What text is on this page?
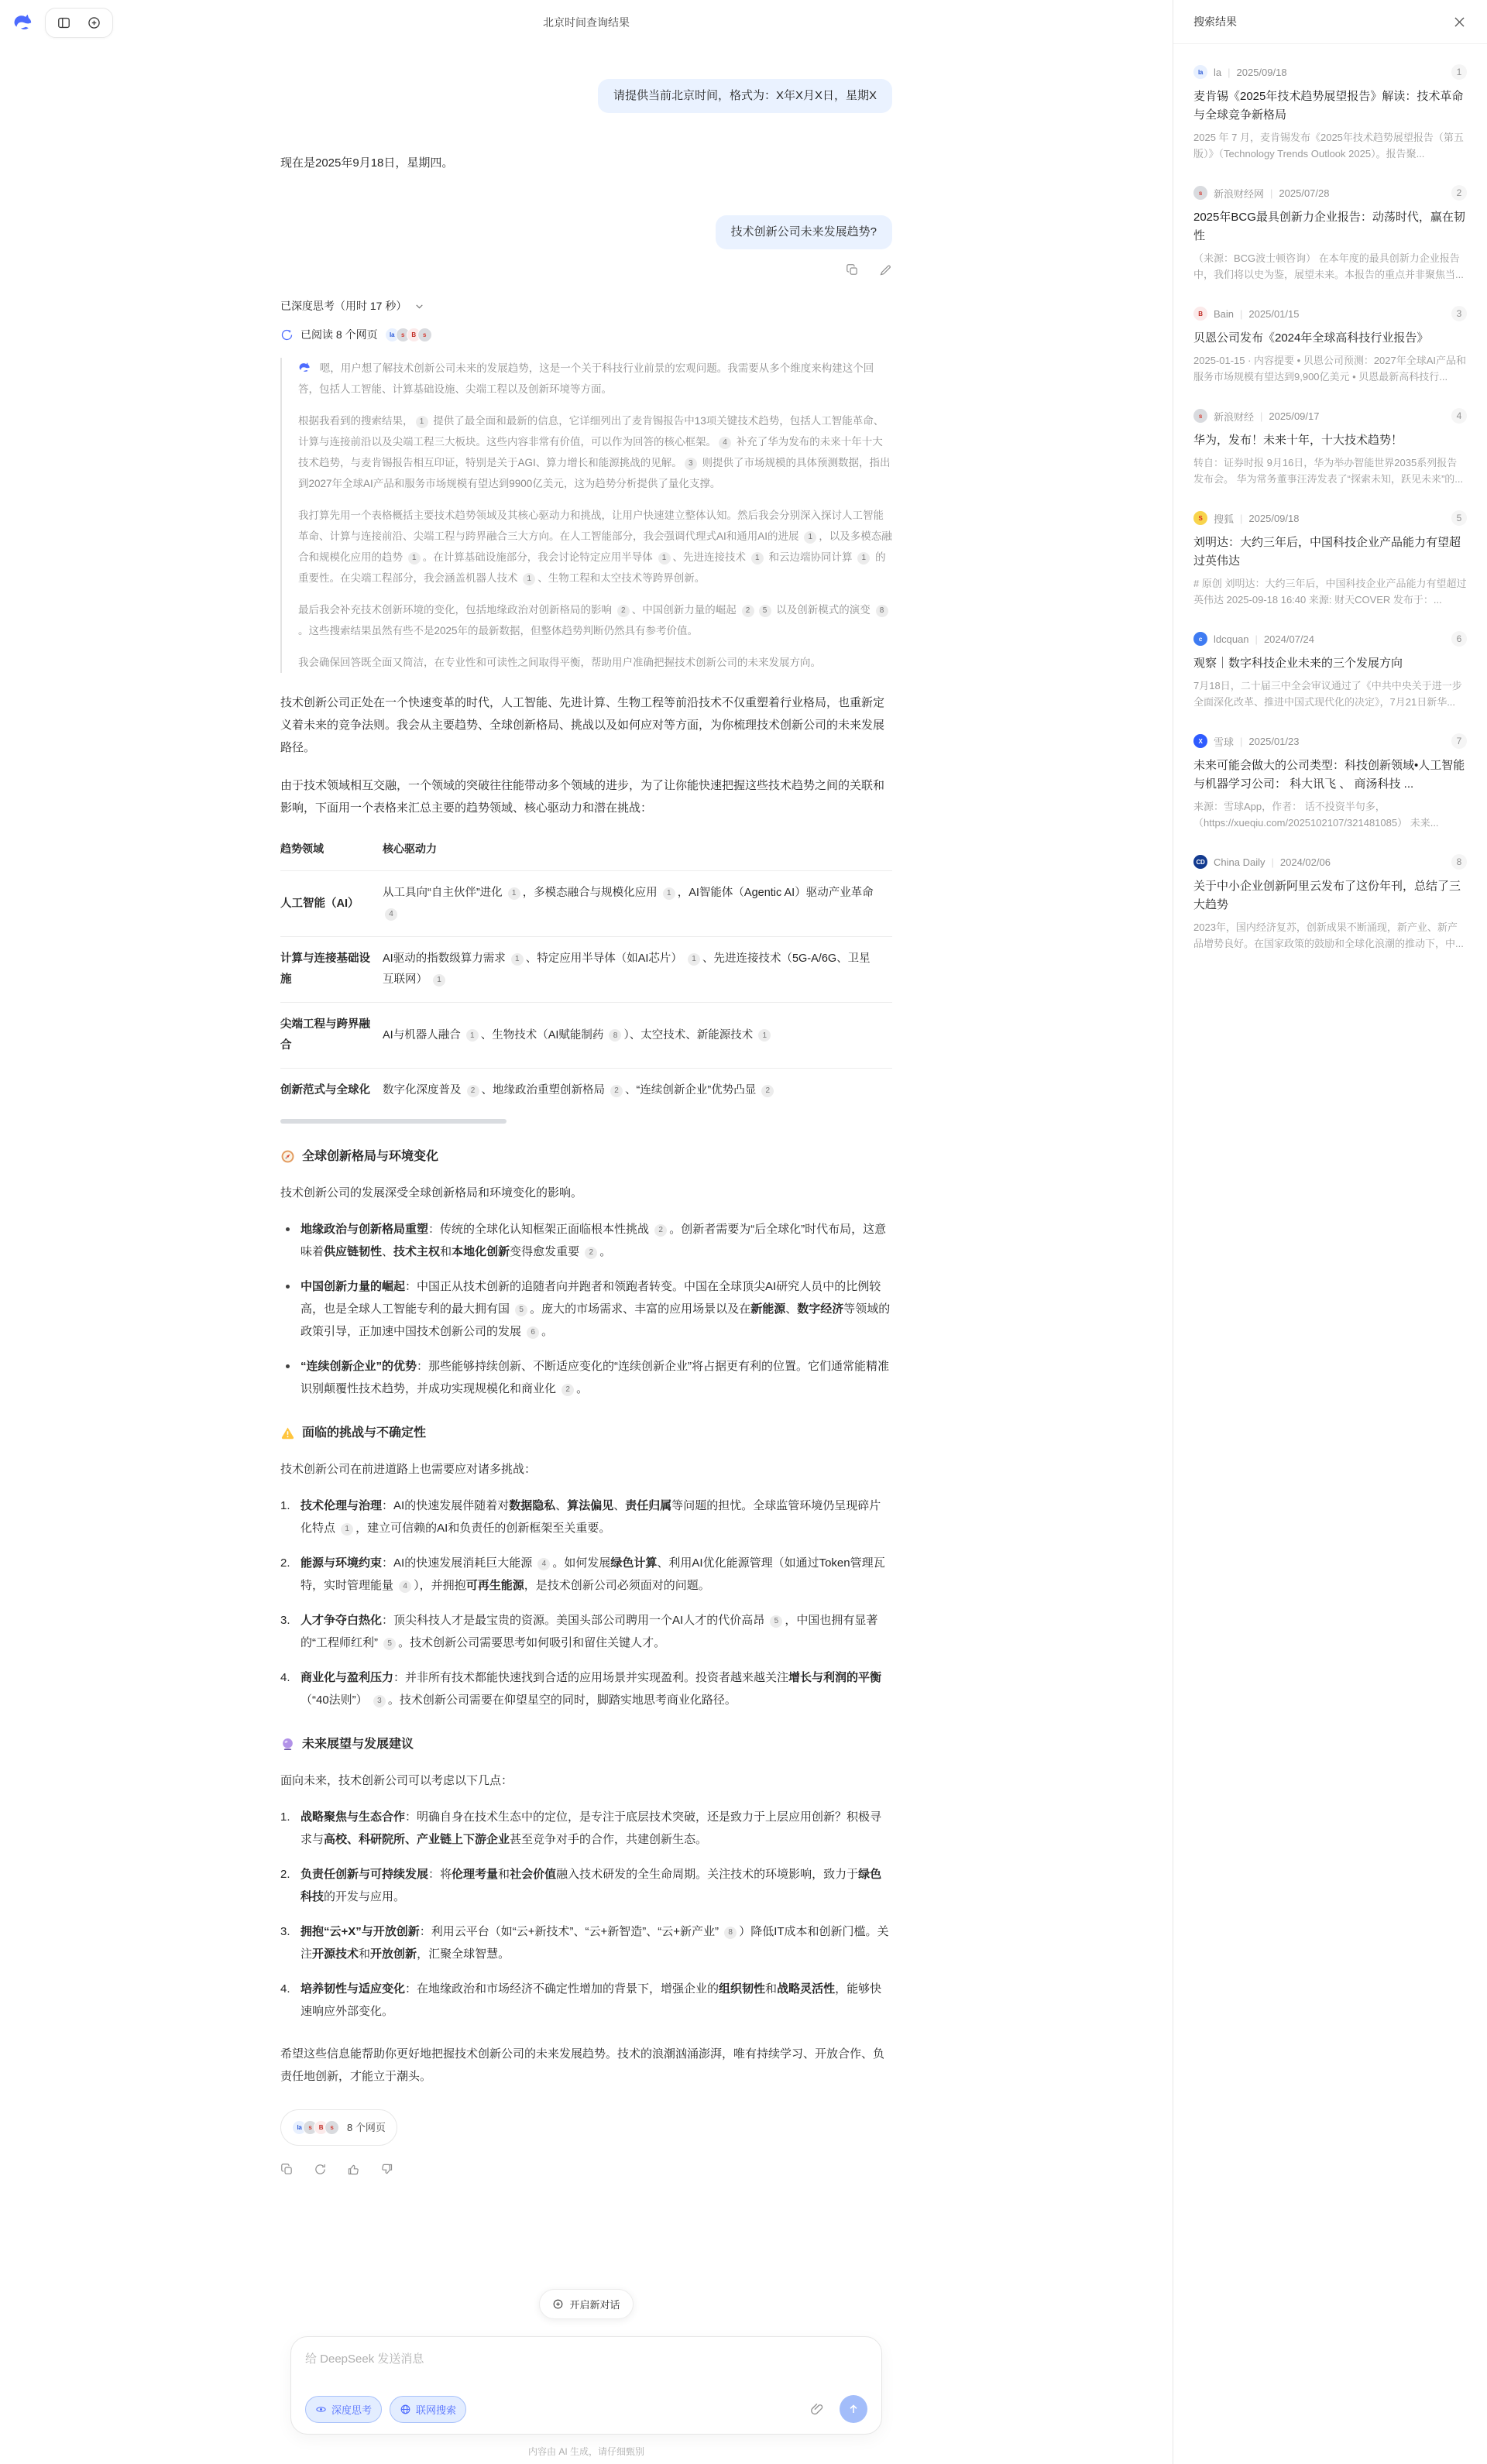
北京时间查询结果
请提供当前北京时间，格式为：X年X月X日，星期X
现在是2025年9月18日，星期四。
技术创新公司未来发展趋势?
已深度思考（用时 17 秒）
已阅读 8 个网页	la	s	B	s
嗯，用户想了解技术创新公司未来的发展趋势，这是一个关于科技行业前景的宏观问题。我需要从多个维度来构建这个回答，包括人工智能、计算基础设施、尖端工程以及创新环境等方面。
根据我看到的搜索结果， 1 提供了最全面和最新的信息，它详细列出了麦肯锡报告中13项关键技术趋势，包括人工智能革命、计算与连接前沿以及尖端工程三大板块。这些内容非常有价值，可以作为回答的核心框架。 4 补充了华为发布的未来十年十大技术趋势，与麦肯锡报告相互印证，特别是关于AGI、算力增长和能源挑战的见解。 3 则提供了市场规模的具体预测数据，指出到2027年全球AI产品和服务市场规模有望达到9900亿美元，这为趋势分析提供了量化支撑。
我打算先用一个表格概括主要技术趋势领域及其核心驱动力和挑战，让用户快速建立整体认知。然后我会分别深入探讨人工智能革命、计算与连接前沿、尖端工程与跨界融合三大方向。在人工智能部分，我会强调代理式AI和通用AI的进展 1 ，以及多模态融合和规模化应用的趋势 1 。在计算基础设施部分，我会讨论特定应用半导体 1 、先进连接技术 1 和云边端协同计算 1 的重要性。在尖端工程部分，我会涵盖机器人技术 1 、生物工程和太空技术等跨界创新。
最后我会补充技术创新环境的变化，包括地缘政治对创新格局的影响 2 、中国创新力量的崛起 2 5 以及创新模式的演变 8。这些搜索结果虽然有些不是2025年的最新数据，但整体趋势判断仍然具有参考价值。
我会确保回答既全面又简洁，在专业性和可读性之间取得平衡，帮助用户准确把握技术创新公司的未来发展方向。

技术创新公司正处在一个快速变革的时代，人工智能、先进计算、生物工程等前沿技术不仅重塑着行业格局，也重新定义着未来的竞争法则。我会从主要趋势、全球创新格局、挑战以及如何应对等方面，为你梳理技术创新公司的未来发展路径。

由于技术领域相互交融，一个领域的突破往往能带动多个领域的进步，为了让你能快速把握这些技术趋势之间的关联和影响，下面用一个表格来汇总主要的趋势领域、核心驱动力和潜在挑战：

趋势领域	核心驱动力
人工智能（AI）	从工具向“自主伙伴”进化 1 ，多模态融合与规模化应用 1 ，AI智能体（Agentic AI）驱动产业革命 4
计算与连接基础设施	AI驱动的指数级算力需求 1 、特定应用半导体（如AI芯片） 1 、先进连接技术（5G-A/6G、卫星互联网） 1
尖端工程与跨界融合	AI与机器人融合 1 、生物技术（AI赋能制药 8 ）、太空技术、新能源技术 1
创新范式与全球化	数字化深度普及 2 、地缘政治重塑创新格局 2 、“连续创新企业”优势凸显 2
全球创新格局与环境变化

技术创新公司的发展深受全球创新格局和环境变化的影响。

地缘政治与创新格局重塑：传统的全球化认知框架正面临根本性挑战 2 。创新者需要为“后全球化”时代布局，这意味着供应链韧性、技术主权和本地化创新变得愈发重要 2 。
中国创新力量的崛起：中国正从技术创新的追随者向并跑者和领跑者转变。中国在全球顶尖AI研究人员中的比例较高，也是全球人工智能专利的最大拥有国 5 。庞大的市场需求、丰富的应用场景以及在新能源、数字经济等领域的政策引导，正加速中国技术创新公司的发展 6 。
“连续创新企业”的优势：那些能够持续创新、不断适应变化的“连续创新企业”将占据更有利的位置。它们通常能精准识别颠覆性技术趋势，并成功实现规模化和商业化 2 。
面临的挑战与不确定性

技术创新公司在前进道路上也需要应对诸多挑战：

1. 技术伦理与治理：AI的快速发展伴随着对数据隐私、算法偏见、责任归属等问题的担忧。全球监管环境仍呈现碎片化特点 1 ，建立可信赖的AI和负责任的创新框架至关重要。
2. 能源与环境约束：AI的快速发展消耗巨大能源 4 。如何发展绿色计算、利用AI优化能源管理（如通过Token管理瓦特，实时管理能量 4 ），并拥抱可再生能源，是技术创新公司必须面对的问题。
3. 人才争夺白热化：顶尖科技人才是最宝贵的资源。美国头部公司聘用一个AI人才的代价高昂 5 ，中国也拥有显著的“工程师红利” 5 。技术创新公司需要思考如何吸引和留住关键人才。
4. 商业化与盈利压力：并非所有技术都能快速找到合适的应用场景并实现盈利。投资者越来越关注增长与利润的平衡（“40法则”） 3 。技术创新公司需要在仰望星空的同时，脚踏实地思考商业化路径。
未来展望与发展建议

面向未来，技术创新公司可以考虑以下几点：

1. 战略聚焦与生态合作：明确自身在技术生态中的定位，是专注于底层技术突破，还是致力于上层应用创新？积极寻求与高校、科研院所、产业链上下游企业甚至竞争对手的合作，共建创新生态。
2. 负责任创新与可持续发展：将伦理考量和社会价值融入技术研发的全生命周期。关注技术的环境影响，致力于绿色科技的开发与应用。
3. 拥抱“云+X”与开放创新：利用云平台（如“云+新技术”、“云+新智造”、“云+新产业” 8 ）降低IT成本和创新门槛。关注开源技术和开放创新，汇聚全球智慧。
4. 培养韧性与适应变化：在地缘政治和市场经济不确定性增加的背景下，增强企业的组织韧性和战略灵活性，能够快速响应外部变化。

希望这些信息能帮助你更好地把握技术创新公司的未来发展趋势。技术的浪潮汹涌澎湃，唯有持续学习、开放合作、负责任地创新，才能立于潮头。

la	s	B	s	8 个网页
开启新对话
给 DeepSeek 发送消息
深度思考	联网搜索
内容由 AI 生成，请仔细甄别
搜索结果
la	la | 2025/09/18	1
麦肯锡《2025年技术趋势展望报告》解读：技术革命与全球竞争新格局
2025 年 7 月，麦肯锡发布《2025年技术趋势展望报告（第五版）》（Technology Trends Outlook 2025）。报告聚...
s	新浪财经网 | 2025/07/28	2
2025年BCG最具创新力企业报告：动荡时代，赢在韧性
（来源：BCG波士顿咨询） 在本年度的最具创新力企业报告中，我们将以史为鉴，展望未来。本报告的重点并非聚焦当...
B	Bain | 2025/01/15	3
贝恩公司发布《2024年全球高科技行业报告》
2025-01-15 · 内容提要 • 贝恩公司预测：2027年全球AI产品和服务市场规模有望达到9,900亿美元 • 贝恩最新高科技行...
s	新浪财经 | 2025/09/17	4
华为，发布！未来十年，十大技术趋势！
转自：证券时报 9月16日，华为举办智能世界2035系列报告发布会。 华为常务董事汪涛发表了“探索未知，跃见未来”的...
S	搜狐 | 2025/09/18	5
刘明达：大约三年后，中国科技企业产品能力有望超过英伟达
# 原创 刘明达：大约三年后，中国科技企业产品能力有望超过英伟达 2025-09-18 16:40 来源: 财天COVER 发布于：...
c	ldcquan | 2024/07/24	6
观察｜数字科技企业未来的三个发展方向
7月18日，二十届三中全会审议通过了《中共中央关于进一步全面深化改革、推进中国式现代化的决定》，7月21日新华...
X	雪球 | 2025/01/23	7
未来可能会做大的公司类型：科技创新领域•人工智能与机器学习公司： 科大讯飞 、 商汤科技 ...
来源：雪球App，作者： 话不投资半句多，（https://xueqiu.com/2025102107/321481085） 未来...
CD China Daily | 2024/02/06	8
关于中小企业创新阿里云发布了这份年刊，总结了三大趋势
2023年，国内经济复苏，创新成果不断涌现，新产业、新产品增势良好。在国家政策的鼓励和全球化浪潮的推动下，中...
